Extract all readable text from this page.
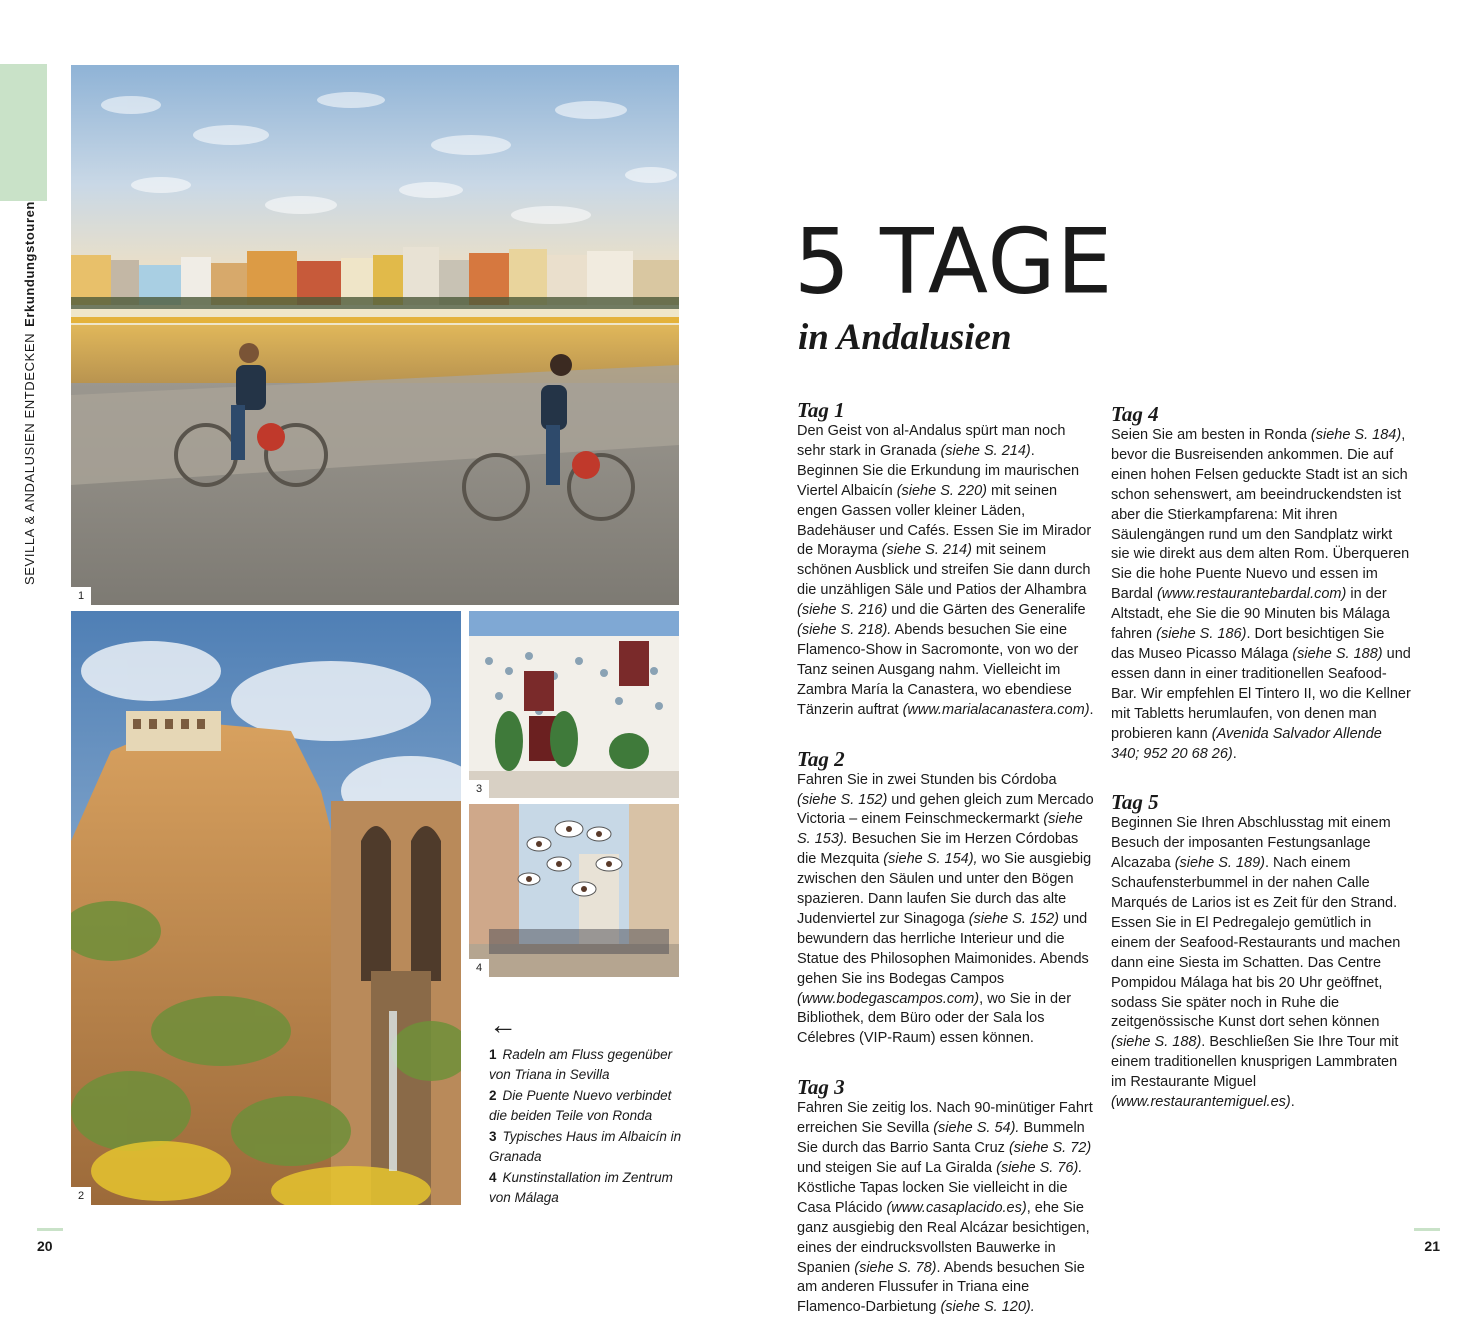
SEVILLA & ANDALUSIEN ENTDECKENErkundungstouren
1
2
3
4
←
1 Radeln am Fluss gegenüber von Triana in Sevilla
2 Die Puente Nuevo verbindet die beiden Teile von Ronda
3 Typisches Haus im Albaicín in Granada
4 Kunstinstallation im Zentrum von Málaga
20
5 TAGE
in Andalusien
Tag 1

Den Geist von al-Andalus spürt man noch sehr stark in Granada (siehe S. 214). Beginnen Sie die Erkundung im maurischen Viertel Albaicín (siehe S. 220) mit seinen engen Gassen voller kleiner Läden, Badehäuser und Cafés. Essen Sie im Mirador de Morayma (siehe S. 214) mit seinem schönen Ausblick und streifen Sie dann durch die unzähligen Säle und Patios der Alhambra (siehe S. 216) und die Gärten des Generalife (siehe S. 218). Abends besuchen Sie eine Flamenco-Show in Sacromonte, von wo der Tanz seinen Ausgang nahm. Vielleicht im Zambra María la Canastera, wo ebendiese Tänzerin auftrat (www.marialacanastera.com).

Tag 2

Fahren Sie in zwei Stunden bis Córdoba (siehe S. 152) und gehen gleich zum Mercado Victoria – einem Feinschmeckermarkt (siehe S. 153). Besuchen Sie im Herzen Córdobas die Mezquita (siehe S. 154), wo Sie ausgiebig zwischen den Säulen und unter den Bögen spazieren. Dann laufen Sie durch das alte Judenviertel zur Sinagoga (siehe S. 152) und bewundern das herrliche Interieur und die Statue des Philosophen Maimonides. Abends gehen Sie ins Bodegas Campos (www.bodegascampos.com), wo Sie in der Bibliothek, dem Büro oder der Sala los Célebres (VIP-Raum) essen können.

Tag 3

Fahren Sie zeitig los. Nach 90-minütiger Fahrt erreichen Sie Sevilla (siehe S. 54). Bummeln Sie durch das Barrio Santa Cruz (siehe S. 72) und steigen Sie auf La Giralda (siehe S. 76). Köstliche Tapas locken Sie vielleicht in die Casa Plácido (www.casaplacido.es), ehe Sie ganz ausgiebig den Real Alcázar besichtigen, eines der eindrucksvollsten Bauwerke in Spanien (siehe S. 78). Abends besuchen Sie am anderen Flussufer in Triana eine Flamenco-Darbietung (siehe S. 120).

Tag 4

Seien Sie am besten in Ronda (siehe S. 184), bevor die Busreisenden ankommen. Die auf einen hohen Felsen geduckte Stadt ist an sich schon sehenswert, am beeindruckendsten ist aber die Stierkampfarena: Mit ihren Säulengängen rund um den Sandplatz wirkt sie wie direkt aus dem alten Rom. Überqueren Sie die hohe Puente Nuevo und essen im Bardal (www.restaurantebardal.com) in der Altstadt, ehe Sie die 90 Minuten bis Málaga fahren (siehe S. 186). Dort besichtigen Sie das Museo Picasso Málaga (siehe S. 188) und essen dann in einer traditionellen Seafood-Bar. Wir empfehlen El Tintero II, wo die Kellner mit Tabletts herumlaufen, von denen man probieren kann (Avenida Salvador Allende 340; 952 20 68 26).

Tag 5

Beginnen Sie Ihren Abschlusstag mit einem Besuch der imposanten Festungsanlage Alcazaba (siehe S. 189). Nach einem Schaufensterbummel in der nahen Calle Marqués de Larios ist es Zeit für den Strand. Essen Sie in El Pedregalejo gemütlich in einem der Seafood-Restaurants und machen dann eine Siesta im Schatten. Das Centre Pompidou Málaga hat bis 20 Uhr geöffnet, sodass Sie später noch in Ruhe die zeitgenössische Kunst dort sehen können (siehe S. 188). Beschließen Sie Ihre Tour mit einem traditionellen knusprigen Lammbraten im Restaurante Miguel (www.restaurantemiguel.es).

21
